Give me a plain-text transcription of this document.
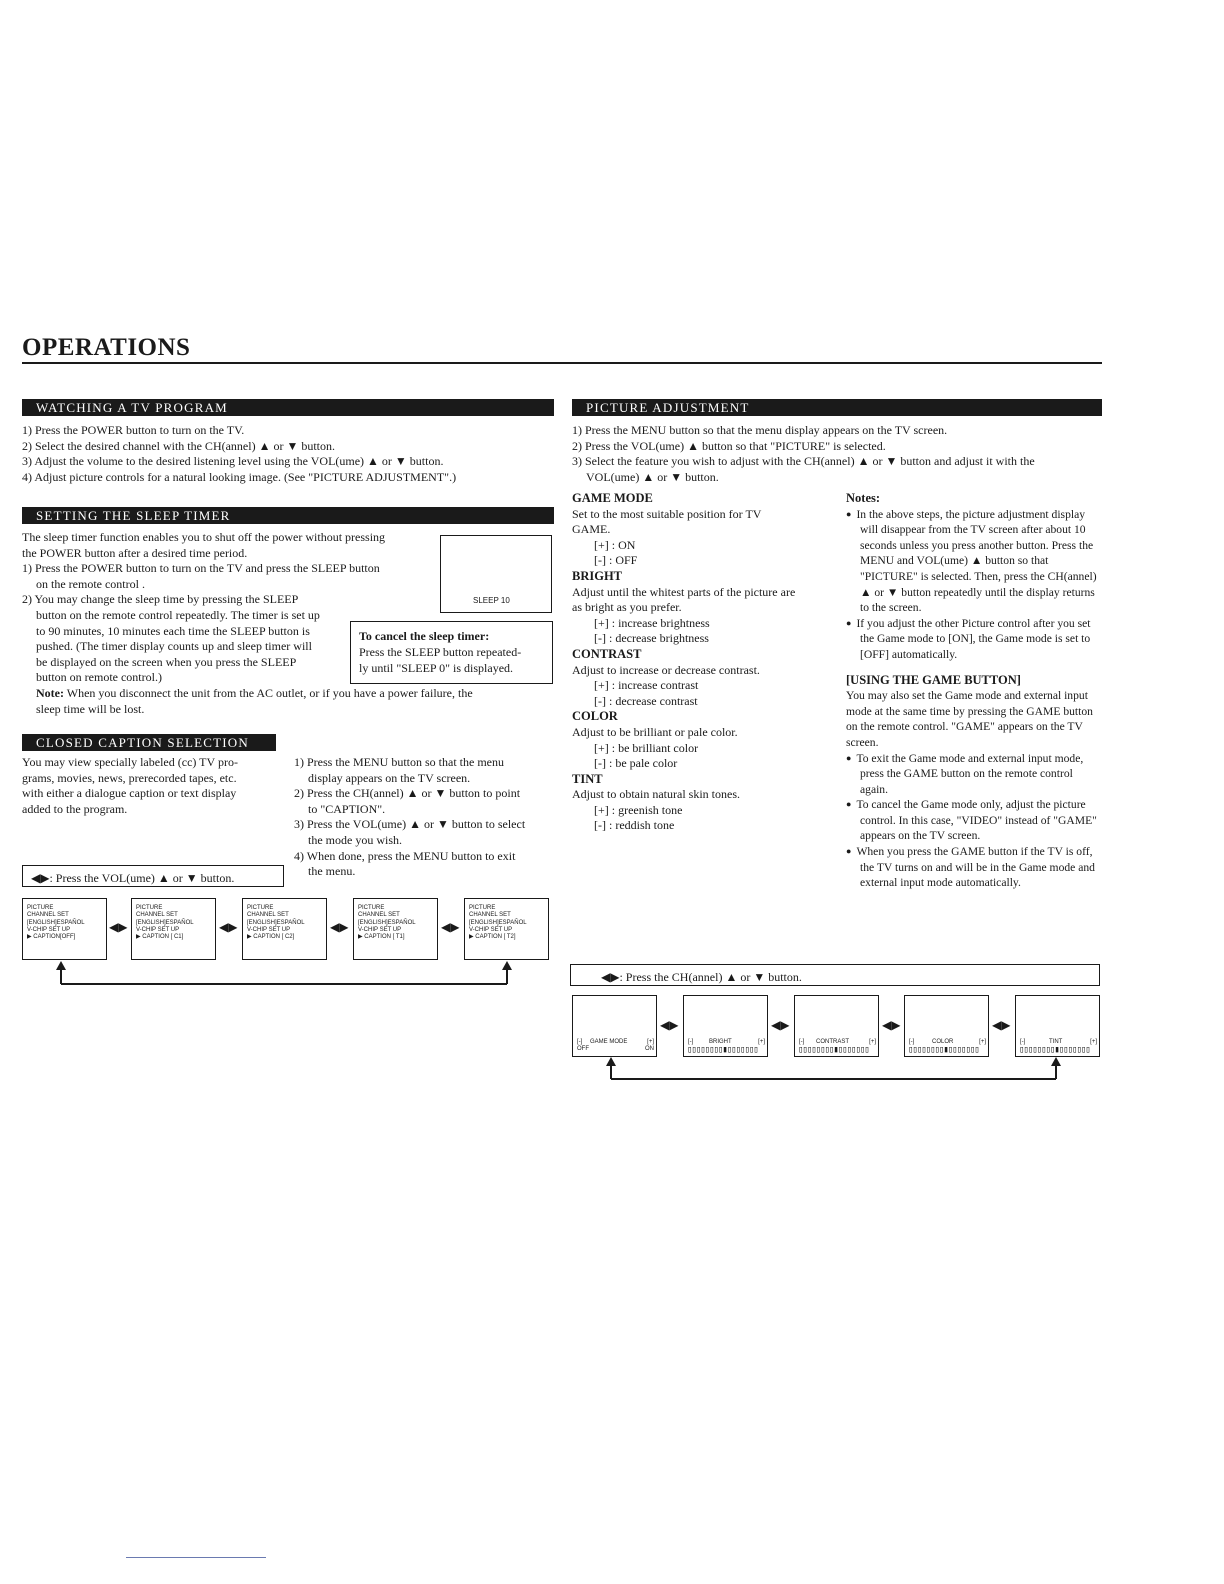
OPERATIONS
WATCHING A TV PROGRAM

1) Press the POWER button to turn on the TV.

2) Select the desired channel with the CH(annel) ▲ or ▼ button.

3) Adjust the volume to the desired listening level using the VOL(ume) ▲ or ▼ button.

4) Adjust picture controls for a natural looking image. (See "PICTURE ADJUSTMENT".)

SETTING THE SLEEP TIMER

The sleep timer function enables you to shut off the power without pressing

the POWER button after a desired time period.

1) Press the POWER button to turn on the TV and press the SLEEP button

on the remote control .

2) You may change the sleep time by pressing the SLEEP

button on the remote control repeatedly. The timer is set up

to 90 minutes, 10 minutes each time the SLEEP button is

pushed. (The timer display counts up and sleep timer will

be displayed on the screen when you press the SLEEP

button on remote control.)

Note: When you disconnect the unit from the AC outlet, or if you have a power failure, the

sleep time will be lost.

SLEEP 10
To cancel the sleep timer:
Press the SLEEP button repeated-
ly until "SLEEP 0" is displayed.
CLOSED CAPTION SELECTION

You may view specially labeled (cc) TV pro-

grams, movies, news, prerecorded tapes, etc.

with either a dialogue caption or text display

added to the program.

1) Press the MENU button so that the menu

display appears on the TV screen.

2) Press the CH(annel) ▲ or ▼ button to point

to "CAPTION".

3) Press the VOL(ume) ▲ or ▼ button to select

the mode you wish.

4) When done, press the MENU button to exit

the menu.

◀▶: Press the VOL(ume) ▲ or ▼ button.
PICTURE
CHANNEL SET
[ENGLISH]ESPAÑOL
V-CHIP SET UP
▶ CAPTION[OFF]
◀▶
PICTURE
CHANNEL SET
[ENGLISH]ESPAÑOL
V-CHIP SET UP
▶ CAPTION [ C1]
◀▶
PICTURE
CHANNEL SET
[ENGLISH]ESPAÑOL
V-CHIP SET UP
▶ CAPTION [ C2]
◀▶
PICTURE
CHANNEL SET
[ENGLISH]ESPAÑOL
V-CHIP SET UP
▶ CAPTION [ T1]
◀▶
PICTURE
CHANNEL SET
[ENGLISH]ESPAÑOL
V-CHIP SET UP
▶ CAPTION [ T2]
PICTURE ADJUSTMENT

1) Press the MENU button so that the menu display appears on the TV screen.

2) Press the VOL(ume) ▲ button so that "PICTURE" is selected.

3) Select the feature you wish to adjust with the CH(annel) ▲ or ▼ button and adjust it with the

VOL(ume) ▲ or ▼ button.

GAME MODE

Set to the most suitable position for TV

GAME.

[+] : ON

[-] : OFF

BRIGHT

Adjust until the whitest parts of the picture are

as bright as you prefer.

[+] : increase brightness

[-] : decrease brightness

CONTRAST

Adjust to increase or decrease contrast.

[+] : increase contrast

[-] : decrease contrast

COLOR

Adjust to be brilliant or pale color.

[+] : be brilliant color

[-] : be pale color

TINT

Adjust to obtain natural skin tones.

[+] : greenish tone

[-] : reddish tone

Notes:

● In the above steps, the picture adjustment display will disappear from the TV screen after about 10 seconds unless you press another button. Press the MENU and VOL(ume) ▲ button so that "PICTURE" is selected. Then, press the CH(annel) ▲ or ▼ button repeatedly until the display returns to the screen.
● If you adjust the other Picture control after you set the Game mode to [ON], the Game mode is set to [OFF] automatically.

[USING THE GAME BUTTON]

You may also set the Game mode and external input mode at the same time by pressing the GAME button on the remote control. "GAME" appears on the TV screen.

● To exit the Game mode and external input mode, press the GAME button on the remote control again.
● To cancel the Game mode only, adjust the picture control. In this case, "VIDEO" instead of "GAME" appears on the TV screen.
● When you press the GAME button if the TV is off, the TV turns on and will be in the Game mode and external input mode automatically.
◀▶: Press the CH(annel) ▲ or ▼ button.
[-] GAME MODE	[+]
OFF	ON
◀▶
[-]	BRIGHT	[+]
▯▯▯▯▯▯▯▯▮▯▯▯▯▯▯▯
◀▶
[-] CONTRAST	[+]
▯▯▯▯▯▯▯▯▮▯▯▯▯▯▯▯
◀▶
[-]	COLOR	[+]
▯▯▯▯▯▯▯▯▮▯▯▯▯▯▯▯
◀▶
[-]	TINT	[+]
▯▯▯▯▯▯▯▯▮▯▯▯▯▯▯▯
